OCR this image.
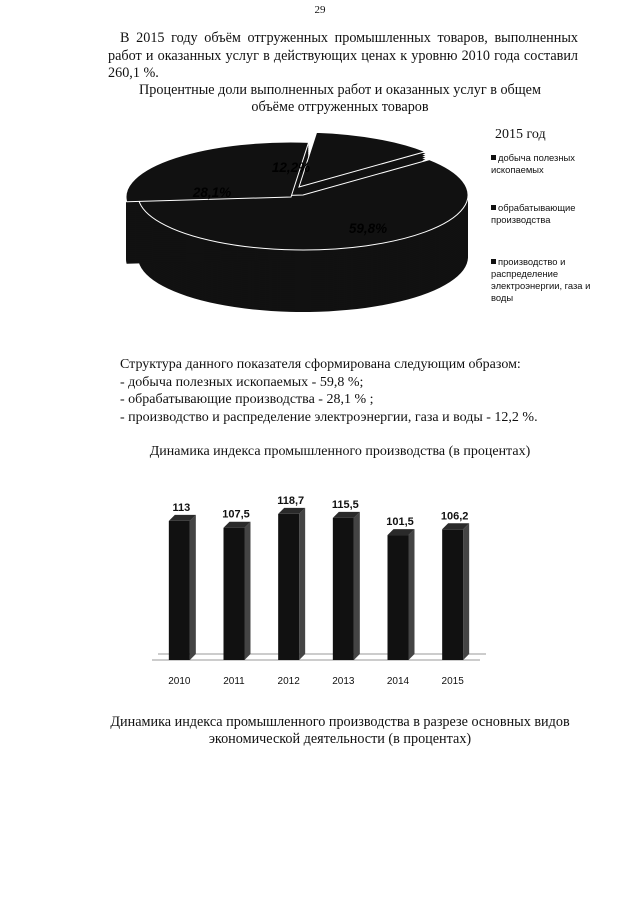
29

В 2015 году объём отгруженных промышленных товаров, выполненных работ и оказанных услуг в действующих ценах к уровню 2010 года составил 260,1 %.

Процентные доли выполненных работ и оказанных услуг в общем объёме отгруженных товаров
59,8%
28,1%
12,2%
2015 год
добыча полезных ископаемых
обрабатывающие производства
производство и распределение электроэнергии, газа и воды
Структура данного показателя сформирована следующим образом:
- добыча полезных ископаемых - 59,8 %;
- обрабатывающие производства - 28,1 % ;
- производство и распределение электроэнергии, газа и воды - 12,2 %.
Динамика индекса промышленного производства (в процентах)
113
2010
107,5
2011
118,7
2012
115,5
2013
101,5
2014
106,2
2015
Динамика индекса промышленного производства в разрезе основных видов экономической деятельности (в процентах)
